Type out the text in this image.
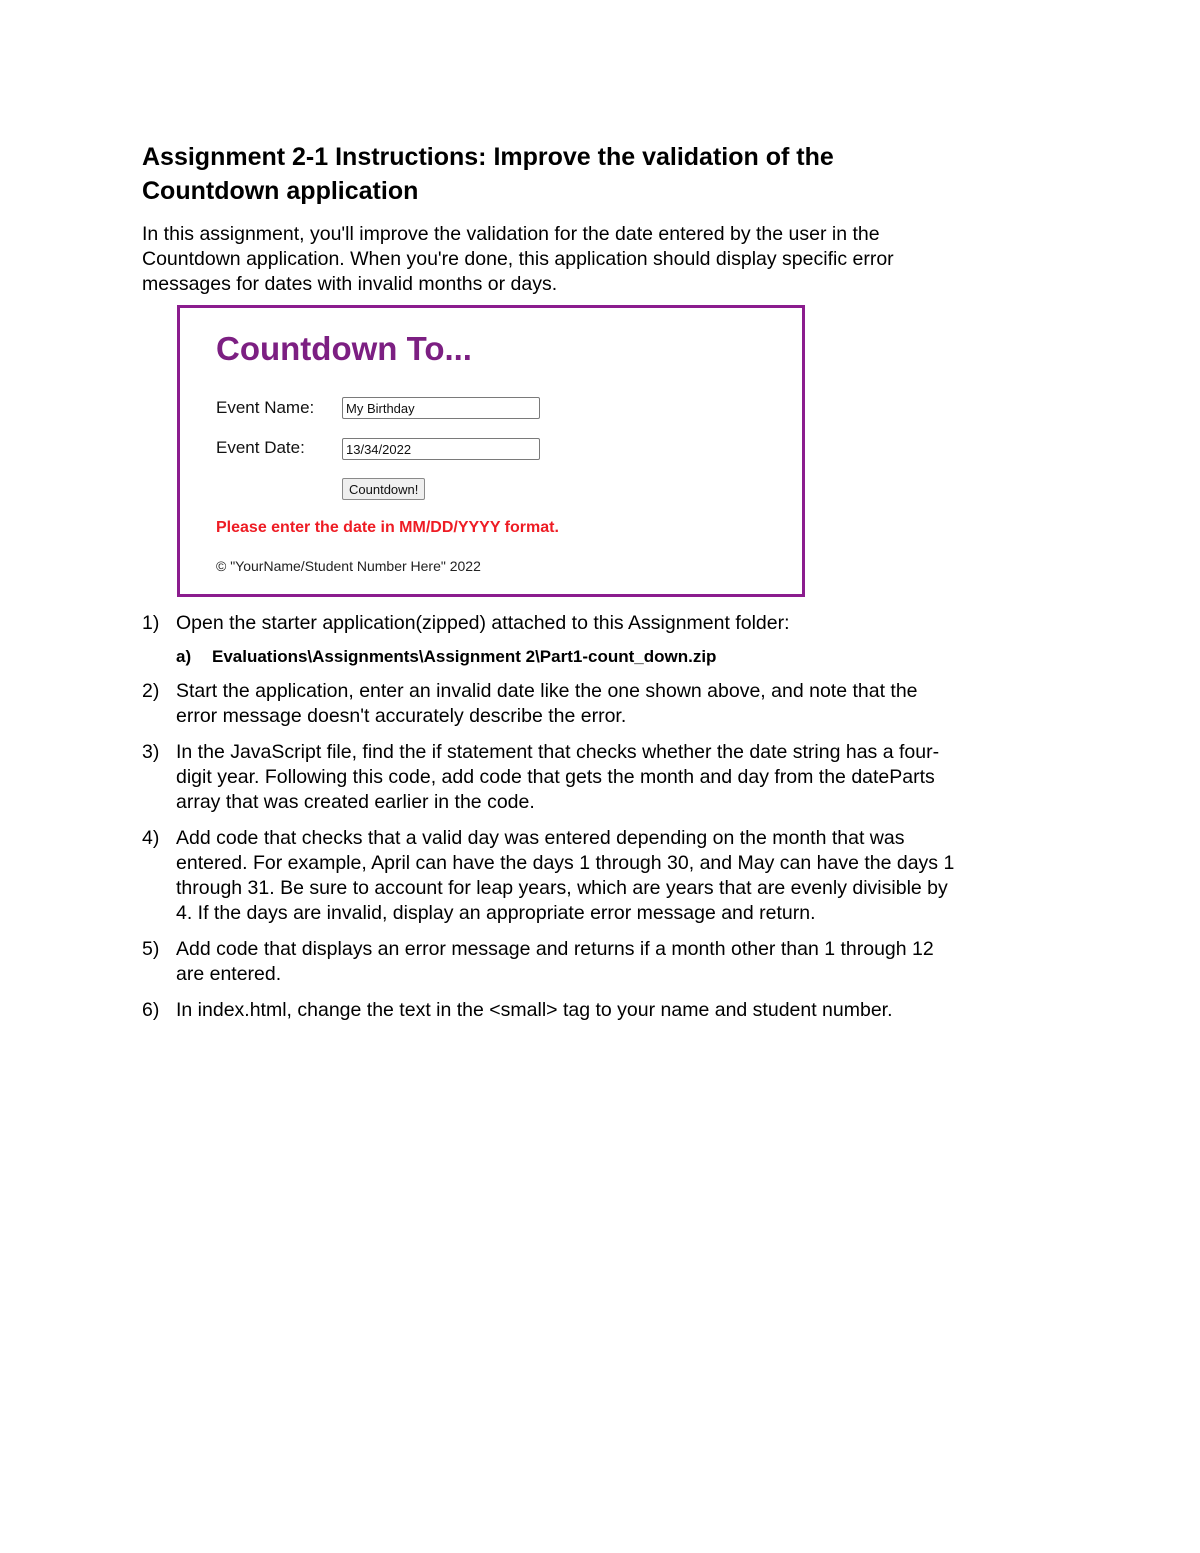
Assignment 2-1 Instructions: Improve the validation of the Countdown application

In this assignment, you'll improve the validation for the date entered by the user in the Countdown application. When you're done, this application should display specific error messages for dates with invalid months or days.

Countdown To...
Event Name:
My Birthday
Event Date:
13/34/2022
Countdown!
Please enter the date in MM/DD/YYYY format.
© "YourName/Student Number Here" 2022
1) Open the starter application(zipped) attached to this Assignment folder:
a) Evaluations\Assignments\Assignment 2\Part1-count_down.zip
2) Start the application, enter an invalid date like the one shown above, and note that the error message doesn't accurately describe the error.
3) In the JavaScript file, find the if statement that checks whether the date string has a four-digit year. Following this code, add code that gets the month and day from the dateParts array that was created earlier in the code.
4) Add code that checks that a valid day was entered depending on the month that was entered. For example, April can have the days 1 through 30, and May can have the days 1 through 31. Be sure to account for leap years, which are years that are evenly divisible by 4. If the days are invalid, display an appropriate error message and return.
5) Add code that displays an error message and returns if a month other than 1 through 12 are entered.
6) In index.html, change the text in the <small> tag to your name and student number.
